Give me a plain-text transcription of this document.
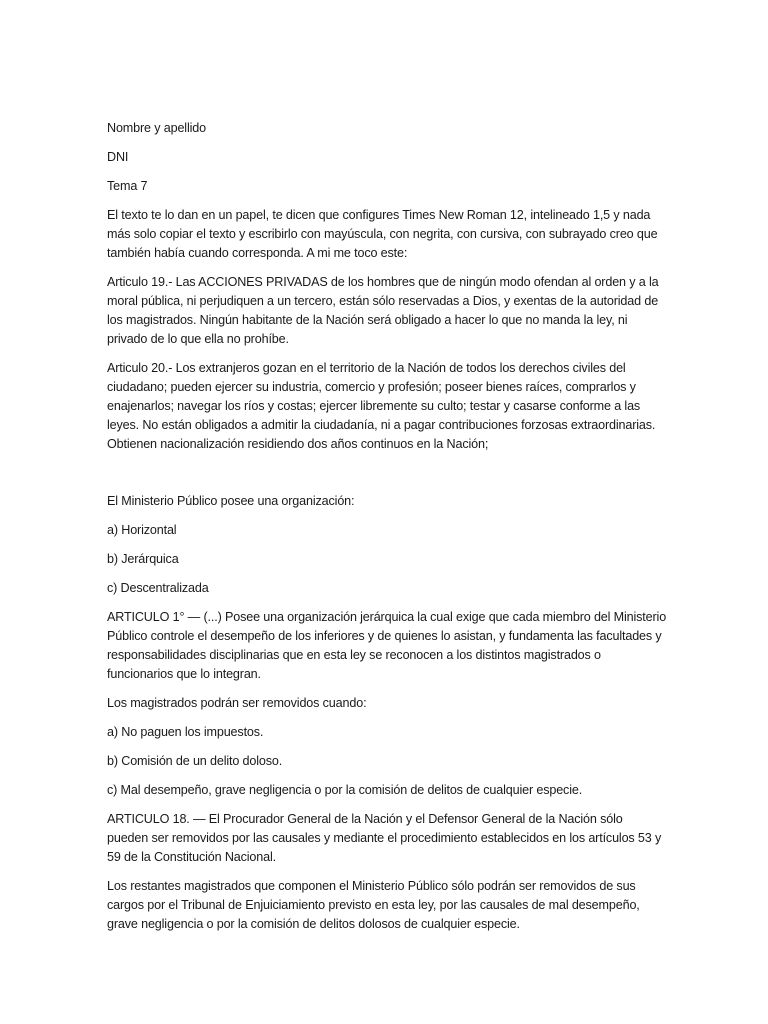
Nombre y apellido

DNI

Tema 7

El texto te lo dan en un papel, te dicen que configures Times New Roman 12, intelineado 1,5 y nada más solo copiar el texto y escribirlo con mayúscula, con negrita, con cursiva, con subrayado creo que también había cuando corresponda. A mi me toco este:

Articulo 19.- Las ACCIONES PRIVADAS de los hombres que de ningún modo ofendan al orden y a la moral pública, ni perjudiquen a un tercero, están sólo reservadas a Dios, y exentas de la autoridad de los magistrados. Ningún habitante de la Nación será obligado a hacer lo que no manda la ley, ni privado de lo que ella no prohíbe.

Articulo 20.- Los extranjeros gozan en el territorio de la Nación de todos los derechos civiles del ciudadano; pueden ejercer su industria, comercio y profesión; poseer bienes raíces, comprarlos y enajenarlos; navegar los ríos y costas; ejercer libremente su culto; testar y casarse conforme a las leyes. No están obligados a admitir la ciudadanía, ni a pagar contribuciones forzosas extraordinarias. Obtienen nacionalización residiendo dos años continuos en la Nación;

El Ministerio Público posee una organización:

a) Horizontal

b) Jerárquica

c) Descentralizada

ARTICULO 1° — (...) Posee una organización jerárquica la cual exige que cada miembro del Ministerio Público controle el desempeño de los inferiores y de quienes lo asistan, y fundamenta las facultades y responsabilidades disciplinarias que en esta ley se reconocen a los distintos magistrados o funcionarios que lo integran.

Los magistrados podrán ser removidos cuando:

a) No paguen los impuestos.

b) Comisión de un delito doloso.

c) Mal desempeño, grave negligencia o por la comisión de delitos de cualquier especie.

ARTICULO 18. — El Procurador General de la Nación y el Defensor General de la Nación sólo pueden ser removidos por las causales y mediante el procedimiento establecidos en los artículos 53 y 59 de la Constitución Nacional.

Los restantes magistrados que componen el Ministerio Público sólo podrán ser removidos de sus cargos por el Tribunal de Enjuiciamiento previsto en esta ley, por las causales de mal desempeño, grave negligencia o por la comisión de delitos dolosos de cualquier especie.
